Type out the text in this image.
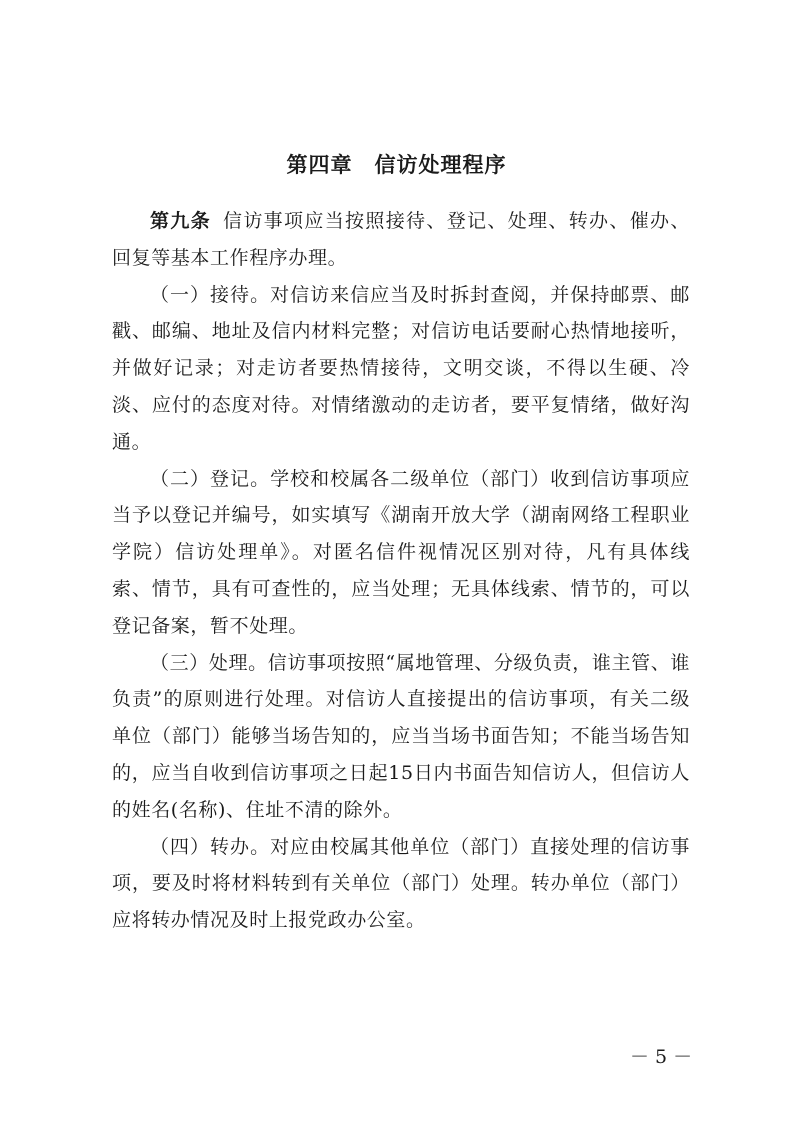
第四章　信访处理程序

第九条 信访事项应当按照接待、登记、处理、转办、催办、回复等基本工作程序办理。

（一）接待。对信访来信应当及时拆封查阅，并保持邮票、邮戳、邮编、地址及信内材料完整；对信访电话要耐心热情地接听，并做好记录；对走访者要热情接待，文明交谈，不得以生硬、冷淡、应付的态度对待。对情绪激动的走访者，要平复情绪，做好沟通。

（二）登记。学校和校属各二级单位（部门）收到信访事项应当予以登记并编号，如实填写《湖南开放大学（湖南网络工程职业学院）信访处理单》。对匿名信件视情况区别对待，凡有具体线索、情节，具有可查性的，应当处理；无具体线索、情节的，可以登记备案，暂不处理。

（三）处理。信访事项按照“属地管理、分级负责，谁主管、谁负责”的原则进行处理。对信访人直接提出的信访事项，有关二级单位（部门）能够当场告知的，应当当场书面告知；不能当场告知的，应当自收到信访事项之日起15日内书面告知信访人，但信访人的姓名(名称)、住址不清的除外。

（四）转办。对应由校属其他单位（部门）直接处理的信访事项，要及时将材料转到有关单位（部门）处理。转办单位（部门）应将转办情况及时上报党政办公室。

－ 5 －
